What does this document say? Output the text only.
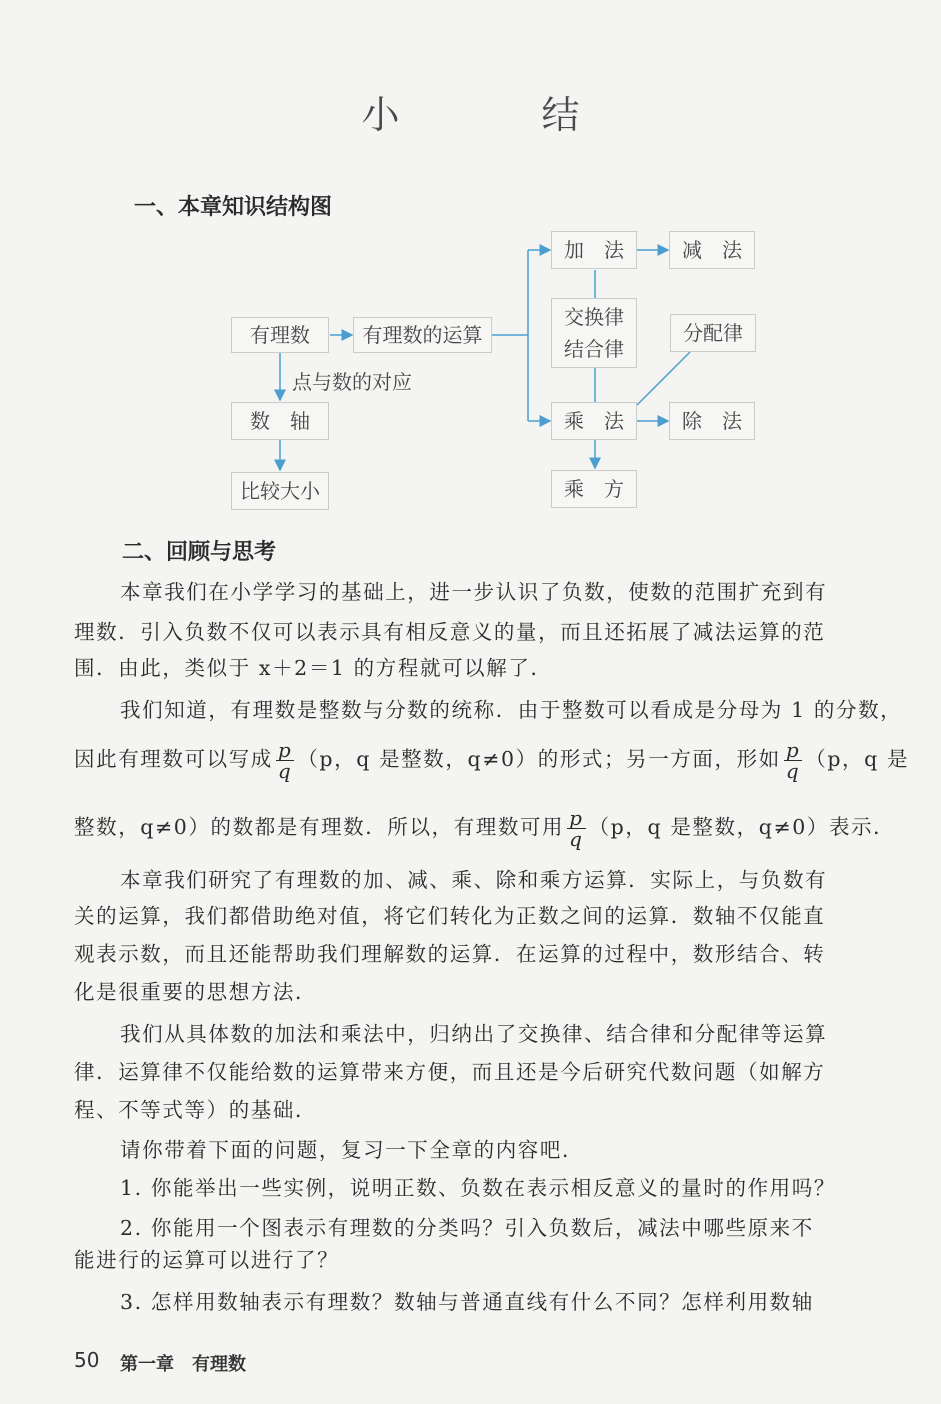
小　结
一、本章知识结构图
有理数	有理数的运算
点与数的对应
数　轴
比较大小
加　法	减　法
交换律
结合律
分配律
乘　法	除　法
乘　方
二、回顾与思考

本章我们在小学学习的基础上，进一步认识了负数，使数的范围扩充到有

理数．引入负数不仅可以表示具有相反意义的量，而且还拓展了减法运算的范

围．由此，类似于 x＋2＝1 的方程就可以解了．

我们知道，有理数是整数与分数的统称．由于整数可以看成是分母为 1 的分数，

因此有理数可以写成 $\frac{p}{q} (p$，q 是整数，q≠0）的形式；另一方面，形如 $\frac{p}{q} (p$，q 是

整数，q≠0）的数都是有理数．所以，有理数可用 $\frac{p}{q} (p$，q 是整数，q≠0）表示．

本章我们研究了有理数的加、减、乘、除和乘方运算．实际上，与负数有

关的运算，我们都借助绝对值，将它们转化为正数之间的运算．数轴不仅能直

观表示数，而且还能帮助我们理解数的运算．在运算的过程中，数形结合、转

化是很重要的思想方法．

我们从具体数的加法和乘法中，归纳出了交换律、结合律和分配律等运算

律．运算律不仅能给数的运算带来方便，而且还是今后研究代数问题（如解方

程、不等式等）的基础．

请你带着下面的问题，复习一下全章的内容吧．

1. 你能举出一些实例，说明正数、负数在表示相反意义的量时的作用吗？

2. 你能用一个图表示有理数的分类吗？引入负数后，减法中哪些原来不

能进行的运算可以进行了？

3. 怎样用数轴表示有理数？数轴与普通直线有什么不同？怎样利用数轴

50 第一章　有理数
